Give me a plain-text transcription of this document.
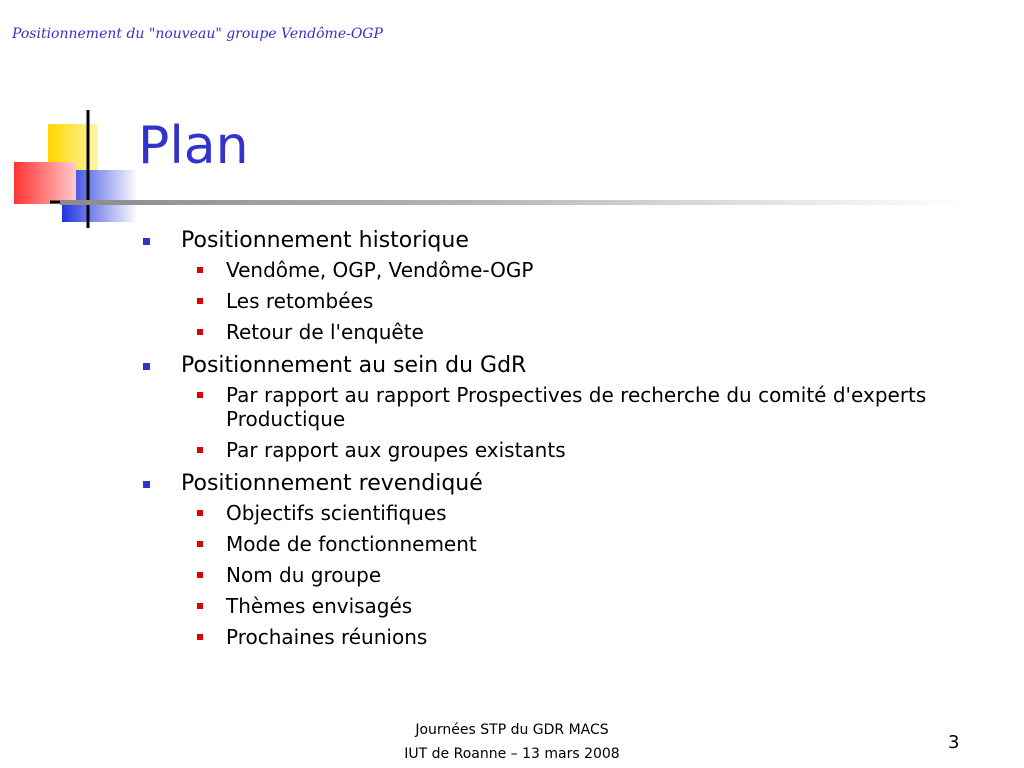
Positionnement du "nouveau" groupe Vendôme-OGP
Plan
Positionnement historique
Vendôme, OGP, Vendôme-OGP
Les retombées
Retour de l'enquête
Positionnement au sein du GdR
Par rapport au rapport Prospectives de recherche du comité d'experts Productique
Par rapport aux groupes existants
Positionnement revendiqué
Objectifs scientifiques
Mode de fonctionnement
Nom du groupe
Thèmes envisagés
Prochaines réunions
Journées STP du GDR MACS
IUT de Roanne – 13 mars 2008
3
